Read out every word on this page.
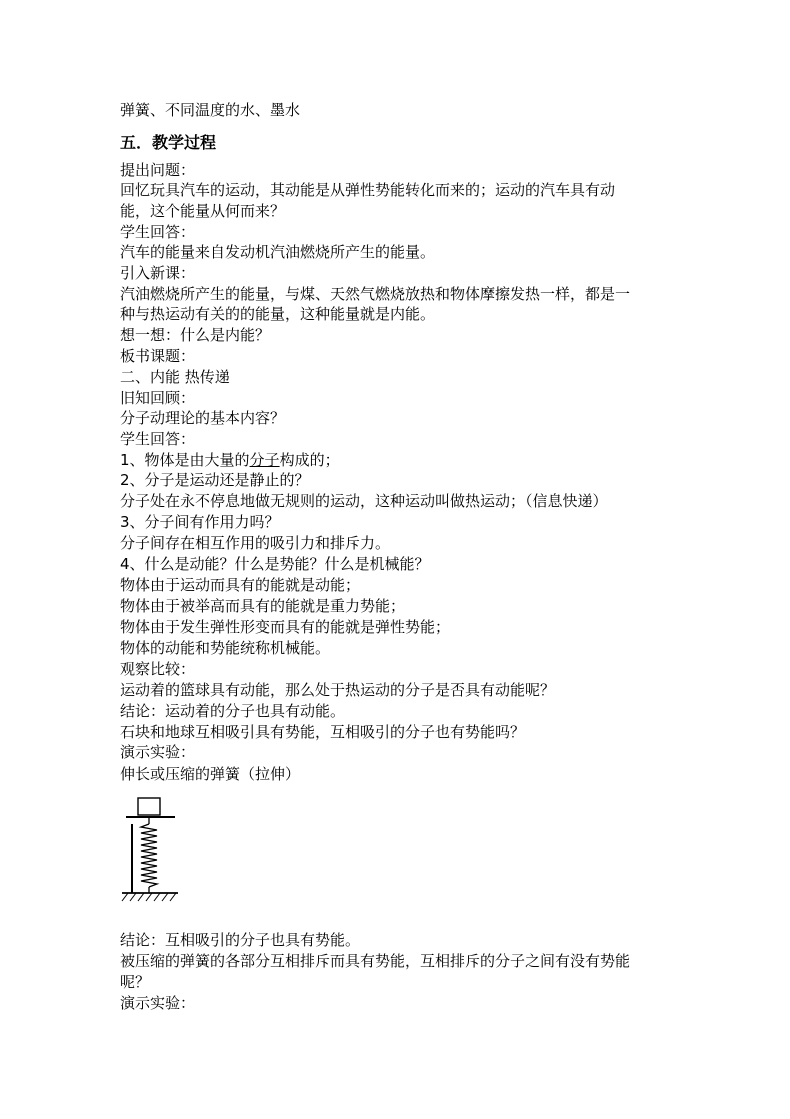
弹簧、不同温度的水、墨水
五．教学过程
提出问题：
回忆玩具汽车的运动，其动能是从弹性势能转化而来的；运动的汽车具有动
能，这个能量从何而来？
学生回答：
汽车的能量来自发动机汽油燃烧所产生的能量。
引入新课：
汽油燃烧所产生的能量，与煤、天然气燃烧放热和物体摩擦发热一样，都是一
种与热运动有关的的能量，这种能量就是内能。
想一想：什么是内能？
板书课题：
二、内能 热传递
旧知回顾：
分子动理论的基本内容？
学生回答：
1、物体是由大量的分子构成的；
2、分子是运动还是静止的？
分子处在永不停息地做无规则的运动，这种运动叫做热运动；（信息快递）
3、分子间有作用力吗？
分子间存在相互作用的吸引力和排斥力。
4、什么是动能？什么是势能？什么是机械能？
物体由于运动而具有的能就是动能；
物体由于被举高而具有的能就是重力势能；
物体由于发生弹性形变而具有的能就是弹性势能；
物体的动能和势能统称机械能。
观察比较：
运动着的篮球具有动能，那么处于热运动的分子是否具有动能呢？
结论：运动着的分子也具有动能。
石块和地球互相吸引具有势能，互相吸引的分子也有势能吗？
演示实验：
伸长或压缩的弹簧（拉伸）
结论：互相吸引的分子也具有势能。
被压缩的弹簧的各部分互相排斥而具有势能，互相排斥的分子之间有没有势能
呢？
演示实验：
